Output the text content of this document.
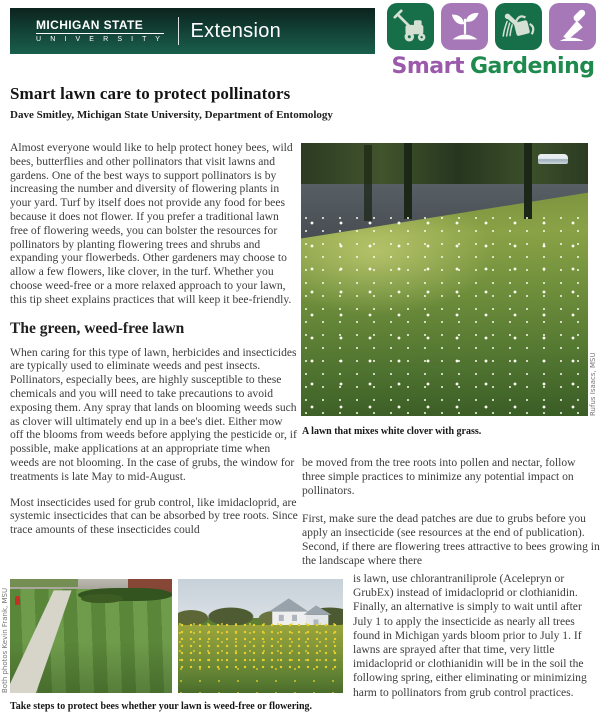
MICHIGAN STATE
U N I V E R S I T Y Extension
Smart Gardening
Smart lawn care to protect pollinators
Dave Smitley, Michigan State University, Department of Entomology

Almost everyone would like to help protect honey bees, wild bees, butterflies and other pollinators that visit lawns and gardens. One of the best ways to support pollinators is by increasing the number and diversity of flowering plants in your yard. Turf by itself does not provide any food for bees because it does not flower. If you prefer a traditional lawn free of flowering weeds, you can bolster the resources for pollinators by planting flowering trees and shrubs and expanding your flowerbeds. Other gardeners may choose to allow a few flowers, like clover, in the turf. Whether you choose weed-free or a more relaxed approach to your lawn, this tip sheet explains practices that will keep it bee-friendly.

The green, weed-free lawn

When caring for this type of lawn, herbicides and insecticides are typically used to eliminate weeds and pest insects. Pollinators, especially bees, are highly susceptible to these chemicals and you will need to take precautions to avoid exposing them. Any spray that lands on blooming weeds such as clover will ultimately end up in a bee's diet. Either mow off the blooms from weeds before applying the pesticide or, if possible, make applications at an appropriate time when weeds are not blooming. In the case of grubs, the window for treatments is late May to mid-August.

Most insecticides used for grub control, like imidacloprid, are systemic insecticides that can be absorbed by tree roots. Since trace amounts of these insecticides could

Rufus Isaacs, MSU
A lawn that mixes white clover with grass.

be moved from the tree roots into pollen and nectar, follow three simple practices to minimize any potential impact on pollinators.

First, make sure the dead patches are due to grubs before you apply an insecticide (see resources at the end of publication). Second, if there are flowering trees attractive to bees growing in the landscape where there

is lawn, use chlorantraniliprole (Acelepryn or GrubEx) instead of imidacloprid or clothianidin. Finally, an alternative is simply to wait until after July 1 to apply the insecticide as nearly all trees found in Michigan yards bloom prior to July 1. If lawns are sprayed after that time, very little imidacloprid or clothianidin will be in the soil the following spring, either eliminating or minimizing harm to pollinators from grub control practices.

Both photos Kevin Frank, MSU
Take steps to protect bees whether your lawn is weed-free or flowering.
